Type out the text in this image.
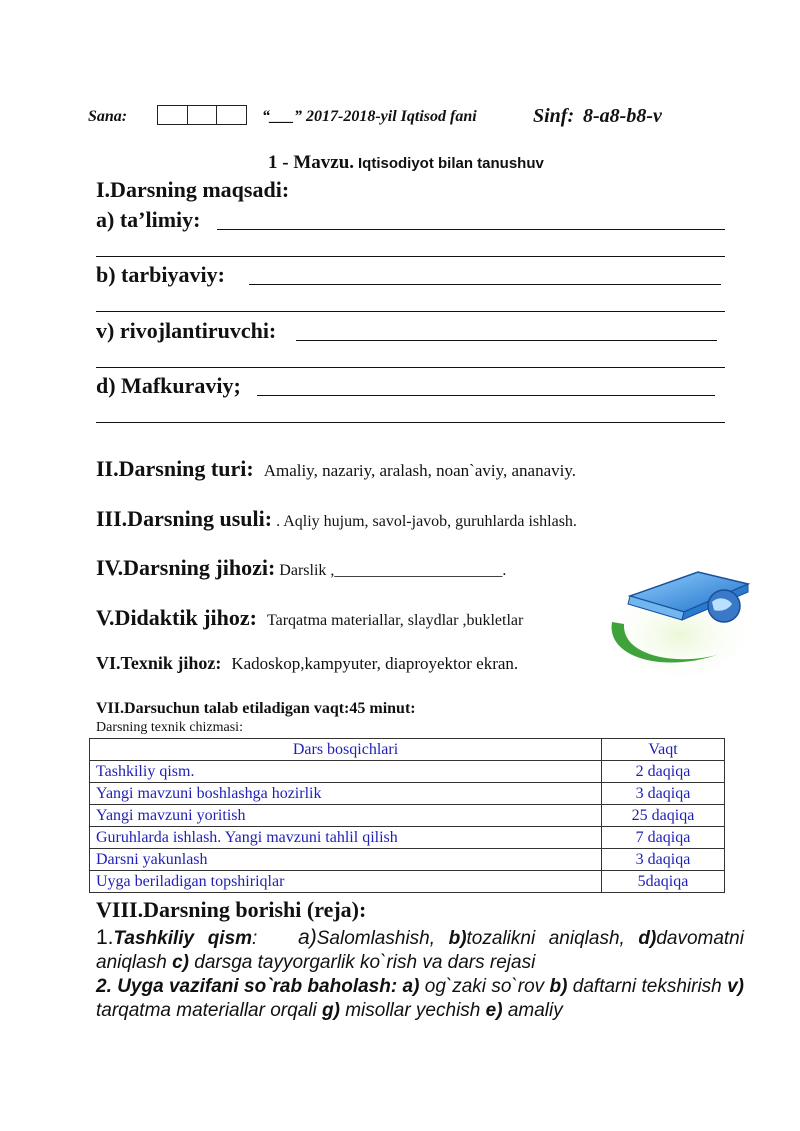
Sana:	“___” 2017-2018-yil Iqtisod fani	Sinf: 8-a8-b8-v
1 - Mavzu. Iqtisodiyot bilan tanushuv
I.Darsning maqsadi:
a) ta’limiy:
b) tarbiyaviy:
v) rivojlantiruvchi:
d) Mafkuraviy;
II.Darsning turi: Amaliy, nazariy, aralash, noan`aviy, ananaviy.
III.Darsning usuli: . Aqliy hujum, savol-javob, guruhlarda ishlash.
IV.Darsning jihozi: Darslik ,_____________________.
V.Didaktik jihoz: Tarqatma materiallar, slaydlar ,bukletlar
VI.Texnik jihoz: Kadoskop,kampyuter, diaproyektor ekran.
VII.Darsuchun talab etiladigan vaqt:45 minut:
Darsning texnik chizmasi:
Dars bosqichlari	Vaqt
Tashkiliy qism.	2 daqiqa
Yangi mavzuni boshlashga hozirlik	3 daqiqa
Yangi mavzuni yoritish	25 daqiqa
Guruhlarda ishlash. Yangi mavzuni tahlil qilish	7 daqiqa
Darsni yakunlash	3 daqiqa
Uyga beriladigan topshiriqlar	5daqiqa
VIII.Darsning borishi (reja):
1.Tashkiliy qism: a)Salomlashish, b)tozalikni aniqlash, d)davomatni aniqlash c) darsga tayyorgarlik ko`rish va dars rejasi
2. Uyga vazifani so`rab baholash: a) og`zaki so`rov b) daftarni tekshirish v) tarqatma materiallar orqali g) misollar yechish e) amaliy
